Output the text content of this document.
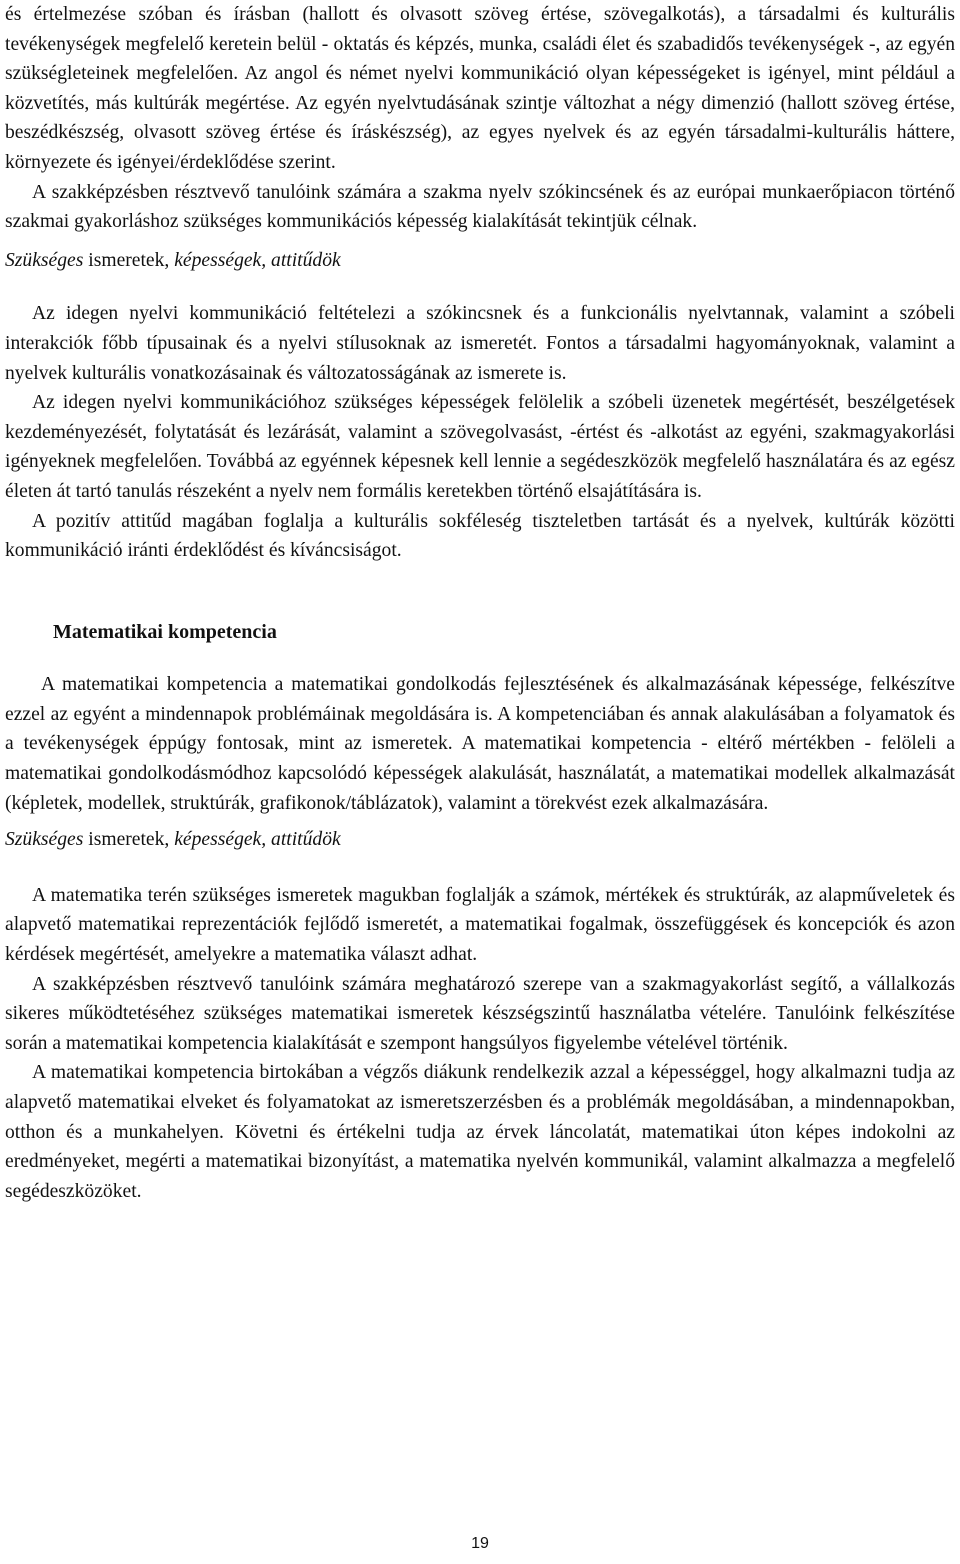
és értelmezése szóban és írásban (hallott és olvasott szöveg értése, szövegalkotás), a társadalmi és kulturális tevékenységek megfelelő keretein belül - oktatás és képzés, munka, családi élet és szabadidős tevékenységek -, az egyén szükségleteinek megfelelően. Az angol és német nyelvi kommunikáció olyan képességeket is igényel, mint például a közvetítés, más kultúrák megértése. Az egyén nyelvtudásának szintje változhat a négy dimenzió (hallott szöveg értése, beszédkészség, olvasott szöveg értése és íráskészség), az egyes nyelvek és az egyén társadalmi-kulturális háttere, környezete és igényei/érdeklődése szerint.

A szakképzésben résztvevő tanulóink számára a szakma nyelv szókincsének és az európai munkaerőpiacon történő szakmai gyakorláshoz szükséges kommunikációs képesség kialakítását tekintjük célnak.

Szükséges ismeretek, képességek, attitűdök

Az idegen nyelvi kommunikáció feltételezi a szókincsnek és a funkcionális nyelvtannak, valamint a szóbeli interakciók főbb típusainak és a nyelvi stílusoknak az ismeretét. Fontos a társadalmi hagyományoknak, valamint a nyelvek kulturális vonatkozásainak és változatosságának az ismerete is.

Az idegen nyelvi kommunikációhoz szükséges képességek felölelik a szóbeli üzenetek megértését, beszélgetések kezdeményezését, folytatását és lezárását, valamint a szövegolvasást, -értést és -alkotást az egyéni, szakmagyakorlási igényeknek megfelelően. Továbbá az egyénnek képesnek kell lennie a segédeszközök megfelelő használatára és az egész életen át tartó tanulás részeként a nyelv nem formális keretekben történő elsajátítására is.

A pozitív attitűd magában foglalja a kulturális sokféleség tiszteletben tartását és a nyelvek, kultúrák közötti kommunikáció iránti érdeklődést és kíváncsiságot.

Matematikai kompetencia

A matematikai kompetencia a matematikai gondolkodás fejlesztésének és alkalmazásának képessége, felkészítve ezzel az egyént a mindennapok problémáinak megoldására is. A kompetenciában és annak alakulásában a folyamatok és a tevékenységek éppúgy fontosak, mint az ismeretek. A matematikai kompetencia - eltérő mértékben - felöleli a matematikai gondolkodásmódhoz kapcsolódó képességek alakulását, használatát, a matematikai modellek alkalmazását (képletek, modellek, struktúrák, grafikonok/táblázatok), valamint a törekvést ezek alkalmazására.

Szükséges ismeretek, képességek, attitűdök

A matematika terén szükséges ismeretek magukban foglalják a számok, mértékek és struktúrák, az alapműveletek és alapvető matematikai reprezentációk fejlődő ismeretét, a matematikai fogalmak, összefüggések és koncepciók és azon kérdések megértését, amelyekre a matematika választ adhat.

A szakképzésben résztvevő tanulóink számára meghatározó szerepe van a szakmagyakorlást segítő, a vállalkozás sikeres működtetéséhez szükséges matematikai ismeretek készségszintű használatba vételére. Tanulóink felkészítése során a matematikai kompetencia kialakítását e szempont hangsúlyos figyelembe vételével történik.

A matematikai kompetencia birtokában a végzős diákunk rendelkezik azzal a képességgel, hogy alkalmazni tudja az alapvető matematikai elveket és folyamatokat az ismeretszerzésben és a problémák megoldásában, a mindennapokban, otthon és a munkahelyen. Követni és értékelni tudja az érvek láncolatát, matematikai úton képes indokolni az eredményeket, megérti a matematikai bizonyítást, a matematika nyelvén kommunikál, valamint alkalmazza a megfelelő segédeszközöket.

19
